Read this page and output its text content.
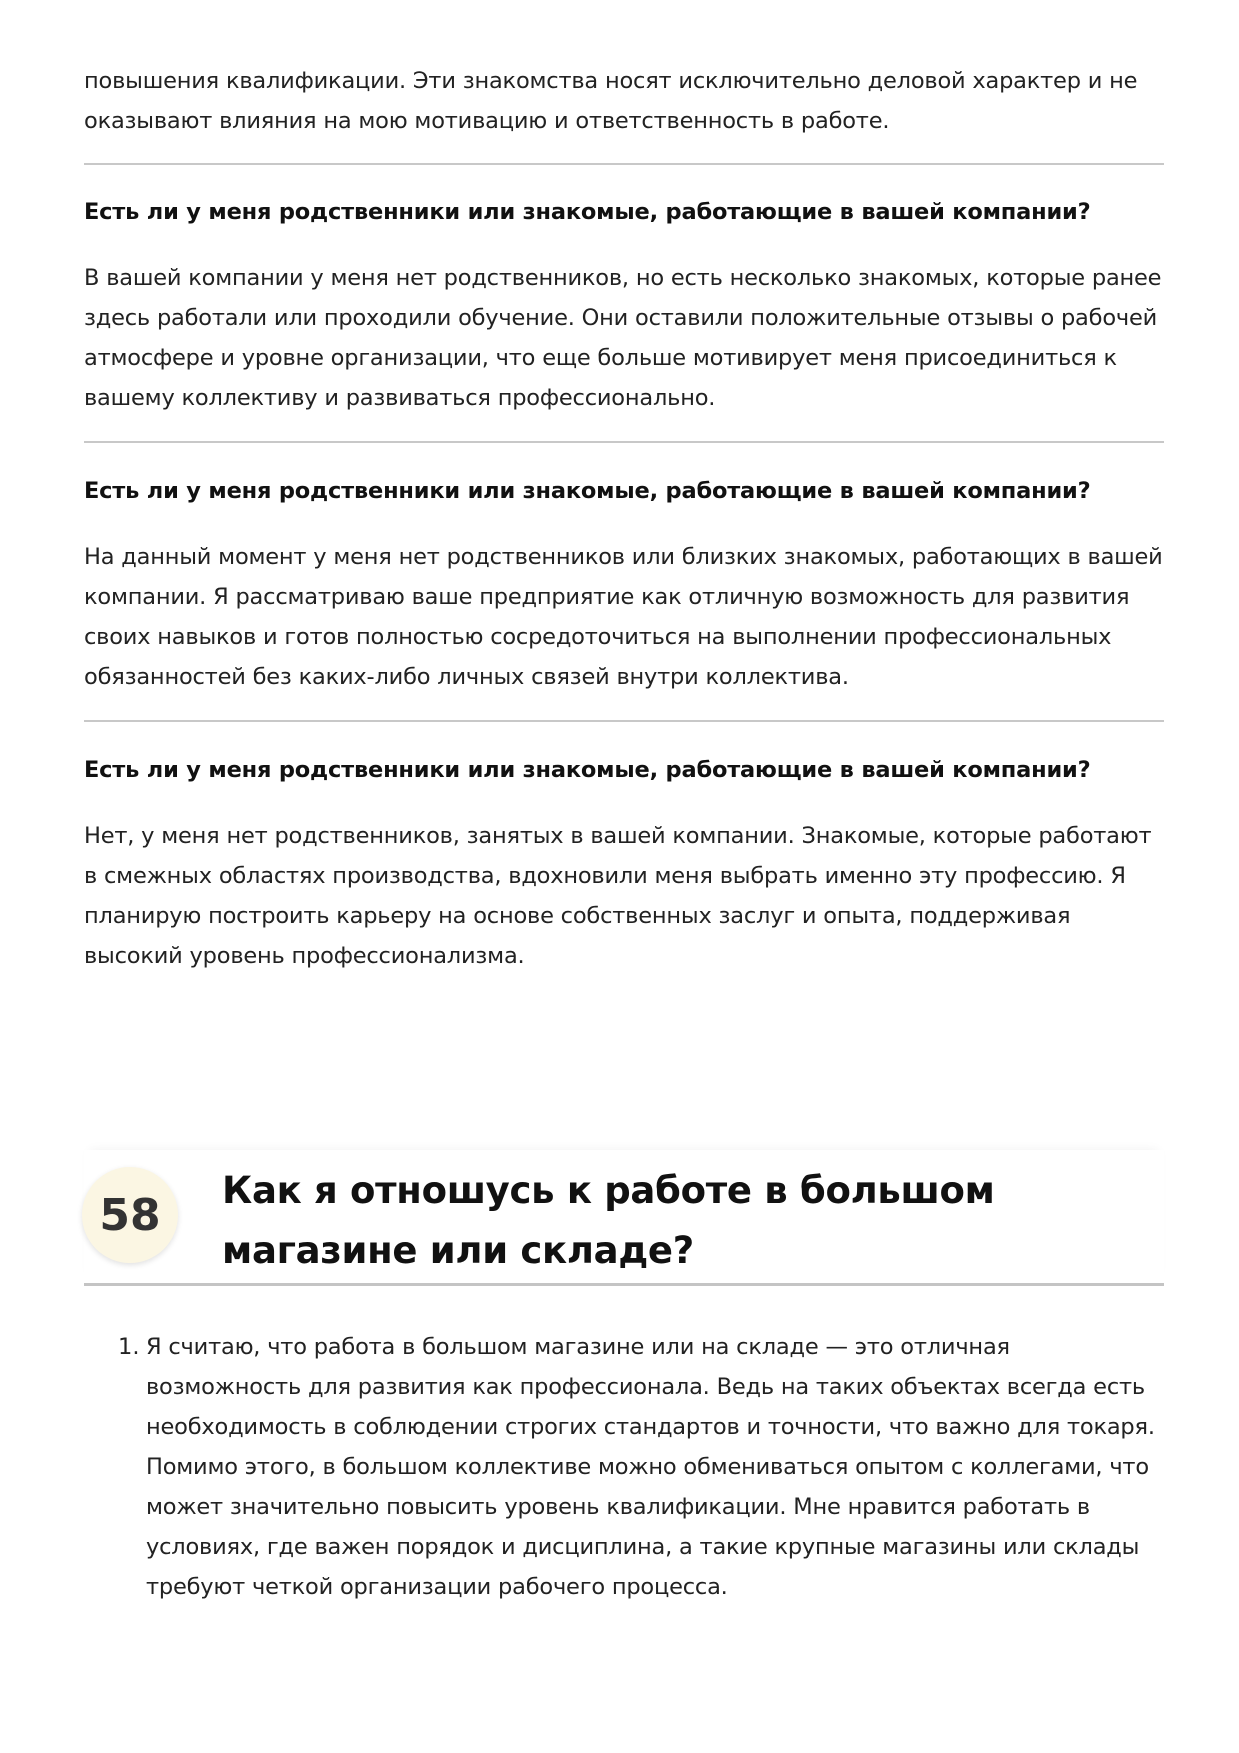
повышения квалификации. Эти знакомства носят исключительно деловой характер и не оказывают влияния на мою мотивацию и ответственность в работе.

Есть ли у меня родственники или знакомые, работающие в вашей компании?

В вашей компании у меня нет родственников, но есть несколько знакомых, которые ранее здесь работали или проходили обучение. Они оставили положительные отзывы о рабочей атмосфере и уровне организации, что еще больше мотивирует меня присоединиться к вашему коллективу и развиваться профессионально.

Есть ли у меня родственники или знакомые, работающие в вашей компании?

На данный момент у меня нет родственников или близких знакомых, работающих в вашей компании. Я рассматриваю ваше предприятие как отличную возможность для развития своих навыков и готов полностью сосредоточиться на выполнении профессиональных обязанностей без каких-либо личных связей внутри коллектива.

Есть ли у меня родственники или знакомые, работающие в вашей компании?

Нет, у меня нет родственников, занятых в вашей компании. Знакомые, которые работают в смежных областях производства, вдохновили меня выбрать именно эту профессию. Я планирую построить карьеру на основе собственных заслуг и опыта, поддерживая высокий уровень профессионализма.

58	Как я отношусь к работе в большом магазине или складе?
1. Я считаю, что работа в большом магазине или на складе — это отличная возможность для развития как профессионала. Ведь на таких объектах всегда есть необходимость в соблюдении строгих стандартов и точности, что важно для токаря. Помимо этого, в большом коллективе можно обмениваться опытом с коллегами, что может значительно повысить уровень квалификации. Мне нравится работать в условиях, где важен порядок и дисциплина, а такие крупные магазины или склады требуют четкой организации рабочего процесса.
